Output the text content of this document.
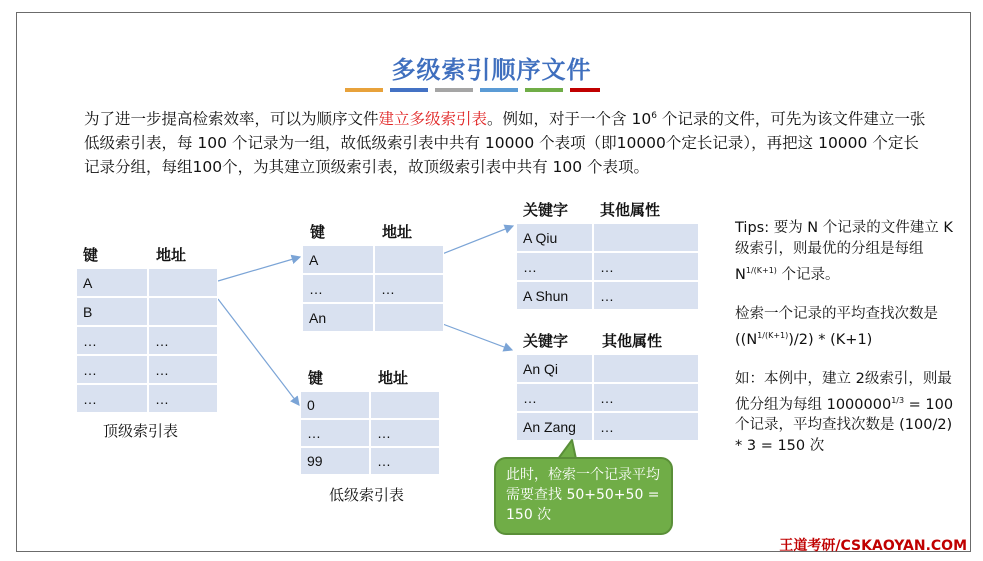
多级索引顺序文件
为了进一步提高检索效率，可以为顺序文件建立多级索引表。例如，对于一个含 $10^6$ 个记录的文件，可先为该文件建立一张低级索引表，每 100 个记录为一组，故低级索引表中共有 10000 个表项（即10000个定长记录），再把这 10000 个定长记录分组，每组100个，为其建立顶级索引表，故顶级索引表中共有 100 个表项。
键	地址
A
B
…	…
…	…
…	…
顶级索引表
键	地址
A
…	…
An
键	地址
0
…	…
99	…
低级索引表
关键字 其他属性
A Qiu
…	…
A Shun	…
关键字 其他属性
An Qi
…	…
An Zang	…

Tips: 要为 N 个记录的文件建立 K 级索引，则最优的分组是每组 $N^{1/(K+1)}$ 个记录。

检索一个记录的平均查找次数是 $((N^{1/(K+1)})/2) * (K+1)$

如：本例中，建立 2级索引，则最优分组为每组 $1000000^{1/3} = 100$ 个记录，平均查找次数是 (100/2) * 3 = 150 次

此时，检索一个记录平均需要查找 50+50+50 = 150 次
王道考研/CSKAOYAN.COM
